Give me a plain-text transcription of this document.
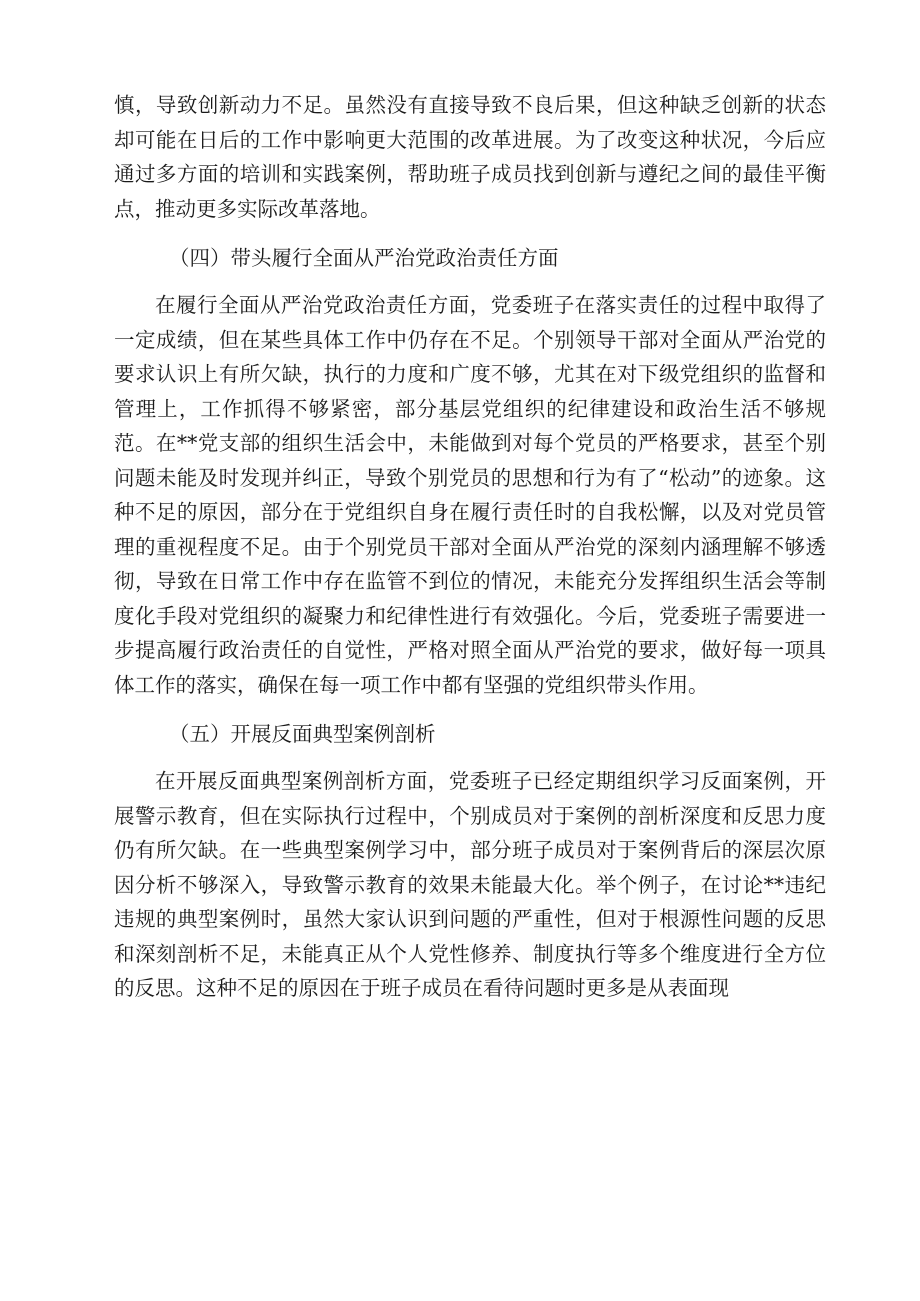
慎，导致创新动力不足。虽然没有直接导致不良后果，但这种缺乏创新的状态却可能在日后的工作中影响更大范围的改革进展。为了改变这种状况，今后应通过多方面的培训和实践案例，帮助班子成员找到创新与遵纪之间的最佳平衡点，推动更多实际改革落地。

（四）带头履行全面从严治党政治责任方面

在履行全面从严治党政治责任方面，党委班子在落实责任的过程中取得了一定成绩，但在某些具体工作中仍存在不足。个别领导干部对全面从严治党的要求认识上有所欠缺，执行的力度和广度不够，尤其在对下级党组织的监督和管理上，工作抓得不够紧密，部分基层党组织的纪律建设和政治生活不够规范。在**党支部的组织生活会中，未能做到对每个党员的严格要求，甚至个别问题未能及时发现并纠正，导致个别党员的思想和行为有了“松动”的迹象。这种不足的原因，部分在于党组织自身在履行责任时的自我松懈，以及对党员管理的重视程度不足。由于个别党员干部对全面从严治党的深刻内涵理解不够透彻，导致在日常工作中存在监管不到位的情况，未能充分发挥组织生活会等制度化手段对党组织的凝聚力和纪律性进行有效强化。今后，党委班子需要进一步提高履行政治责任的自觉性，严格对照全面从严治党的要求，做好每一项具体工作的落实，确保在每一项工作中都有坚强的党组织带头作用。

（五）开展反面典型案例剖析

在开展反面典型案例剖析方面，党委班子已经定期组织学习反面案例，开展警示教育，但在实际执行过程中，个别成员对于案例的剖析深度和反思力度仍有所欠缺。在一些典型案例学习中，部分班子成员对于案例背后的深层次原因分析不够深入，导致警示教育的效果未能最大化。举个例子，在讨论**违纪违规的典型案例时，虽然大家认识到问题的严重性，但对于根源性问题的反思和深刻剖析不足，未能真正从个人党性修养、制度执行等多个维度进行全方位的反思。这种不足的原因在于班子成员在看待问题时更多是从表面现
